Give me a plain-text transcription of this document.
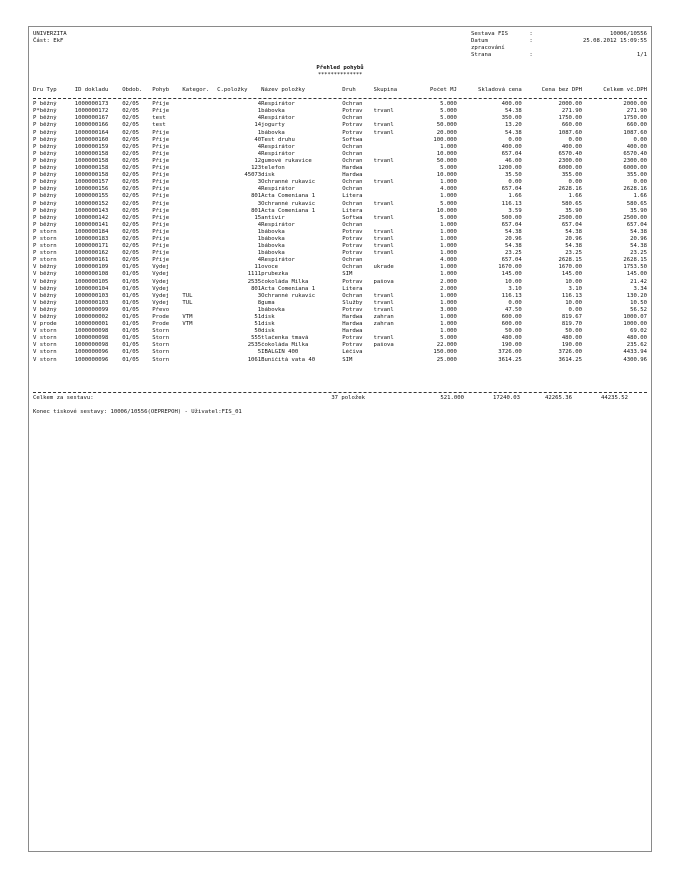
UNIVERZITA
Část: EkF
Sestava FIS	:	10006/10556
Datum zpracování
:	25.08.2012 15:09:55
Strana	:	1/1
Přehled pohybů
**************
Dru Typ	ID dokladu	Obdob.	Pohyb	Kategor.	Č.položky	Název položky	Druh	Skupina	Počet MJ	Skladová cena	Cena bez DPH	Celkem vč.DPH

P běžný	1000000173	02/05	Příje		4	Respirátor	Ochran		5.000	400.00	2000.00	2000.00
P*běžný	1000000172	02/05	Příje		1	bábovka	Potrav	trvanl	5.000	54.38	271.90	271.90
P běžný	1000000167	02/05	test		4	Respirátor	Ochran		5.000	350.00	1750.00	1750.00
P běžný	1000000166	02/05	test		14	jogurty	Potrav	trvanl	50.000	13.20	660.00	660.00
P běžný	1000000164	02/05	Příje		1	bábovka	Potrav	trvanl	20.000	54.38	1087.60	1087.60
P běžný	1000000160	02/05	Příje		40	Test druhu	Softwa		100.000	0.00	0.00	0.00
P běžný	1000000159	02/05	Příje		4	Respirátor	Ochran		1.000	400.00	400.00	400.00
P běžný	1000000158	02/05	Příje		4	Respirátor	Ochran		10.000	657.04	6570.40	6570.40
P běžný	1000000158	02/05	Příje		12	gumové rukavice	Ochran	trvanl	50.000	46.00	2300.00	2300.00
P běžný	1000000158	02/05	Příje		123	telefon	Hardwa		5.000	1200.00	6000.00	6000.00
P běžný	1000000158	02/05	Příje		45073	disk	Hardwa		10.000	35.50	355.00	355.00
P běžný	1000000157	02/05	Příje		3	Ochranné rukavic	Ochran	trvanl	1.000	0.00	0.00	0.00
P běžný	1000000156	02/05	Příje		4	Respirátor	Ochran		4.000	657.04	2628.16	2628.16
P běžný	1000000155	02/05	Příje		801	Acta Comeniana 1	Litera		1.000	1.66	1.66	1.66
P běžný	1000000152	02/05	Příje		3	Ochranné rukavic	Ochran	trvanl	5.000	116.13	580.65	580.65
P běžný	1000000143	02/05	Příje		801	Acta Comeniana 1	Litera		10.000	3.59	35.90	35.90
P běžný	1000000142	02/05	Příje		15	antivir	Softwa	trvanl	5.000	500.00	2500.00	2500.00
P běžný	1000000141	02/05	Příje		4	Respirátor	Ochran		1.000	657.04	657.04	657.04
P storn	1000000184	02/05	Příje		1	bábovka	Potrav	trvanl	1.000	54.38	54.38	54.38
P storn	1000000183	02/05	Příje		1	bábovka	Potrav	trvanl	1.000	20.96	20.96	20.96
P storn	1000000171	02/05	Příje		1	bábovka	Potrav	trvanl	1.000	54.38	54.38	54.38
P storn	1000000162	02/05	Příje		1	bábovka	Potrav	trvanl	1.000	23.25	23.25	23.25
P storn	1000000161	02/05	Příje		4	Respirátor	Ochran		4.000	657.04	2628.15	2628.15
V běžný	1000000109	01/05	Výdej		11	ovoce	Ochran	ukrade	1.000	1670.00	1670.00	1753.50
V běžný	1000000108	01/05	Výdej		1111	prubezka	SIM		1.000	145.00	145.00	145.00
V běžný	1000000105	01/05	Výdej		2535	čokoláda Milka	Potrav	pašova	2.000	10.00	10.00	21.42
V běžný	1000000104	01/05	Výdej		801	Acta Comeniana 1	Litera		2.000	3.10	3.10	3.34
V běžný	1000000103	01/05	Výdej	TUL	3	Ochranné rukavic	Ochran	trvanl	1.000	116.13	116.13	130.20
V běžný	1000000103	01/05	Výdej	TUL	8	guma	Služby	trvanl	1.000	0.00	10.00	10.50
V běžný	1000000099	01/05	Převo		1	bábovka	Potrav	trvanl	3.000	47.50	0.00	56.52
V běžný	1000000002	01/05	Prode	VTM	51	disk	Hardwa	zahran	1.000	600.00	819.67	1000.07
V prode	1000000001	01/05	Prode	VTM	51	disk	Hardwa	zahran	1.000	600.00	819.70	1000.00
V storn	1000000098	01/05	Storn		50	disk	Hardwa		1.000	50.00	50.00	69.02
V storn	1000000098	01/05	Storn		555	tlačenka tmavá	Potrav	trvanl	5.000	480.00	480.00	480.00
V storn	1000000098	01/05	Storn		2535	čokoláda Milka	Potrav	pašova	22.000	190.00	190.00	235.62
V storn	1000000096	01/05	Storn		5	IBALGIN 400	Léčiva		150.000	3726.00	3726.00	4433.94
V storn	1000000096	01/05	Storn		1061	Buničitá vata 40	SIM		25.000	3614.25	3614.25	4300.96
Celkem za sestavu:	37 položek		521.000	17240.03	42265.36	44235.52	
Konec tiskové sestavy: 10006/10556(OEPREPOH) - Uživatel:FIS_01
